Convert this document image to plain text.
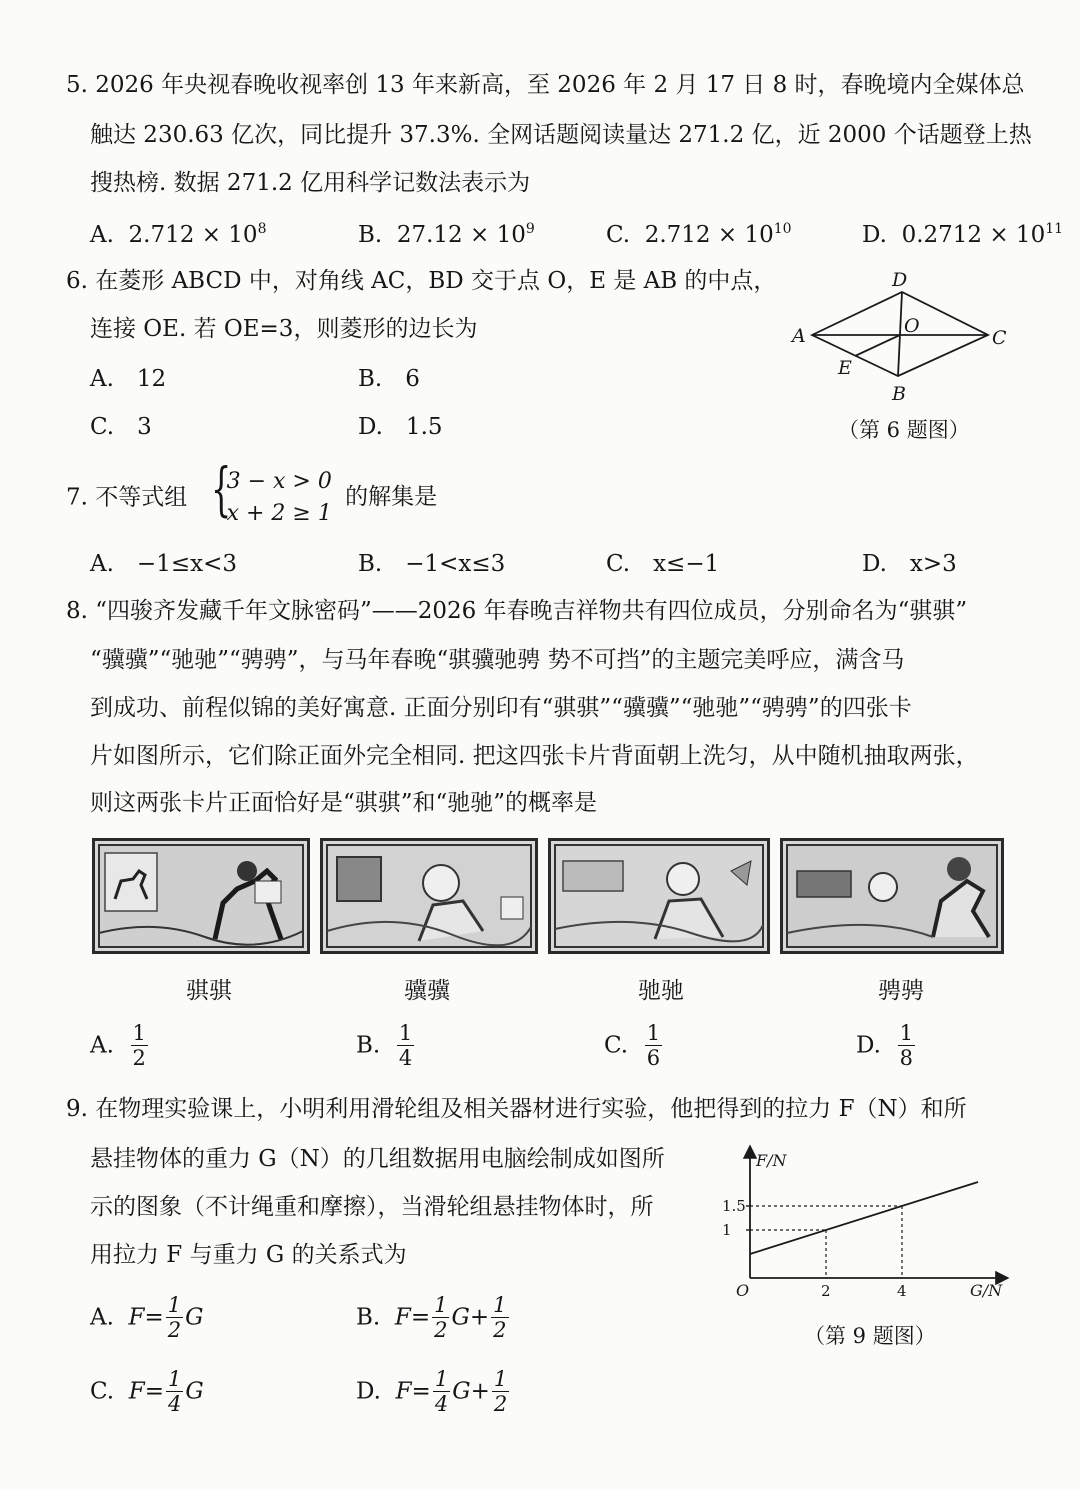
5. 2026 年央视春晚收视率创 13 年来新高，至 2026 年 2 月 17 日 8 时，春晚境内全媒体总
触达 230.63 亿次，同比提升 37.3%. 全网话题阅读量达 271.2 亿，近 2000 个话题登上热
搜热榜. 数据 271.2 亿用科学记数法表示为
A. $2.712 \times 10^8$	B. $27.12 \times 10^9$	C. $2.712 \times 10^{10}$	D. $0.2712 \times 10^{11}$
6. 在菱形 ABCD 中，对角线 AC，BD 交于点 O，E 是 AB 的中点，
连接 OE. 若 OE=3，则菱形的边长为
A.　12	B.　6
C.　3	D.　1.5
D
A	C
O
E
B
（第 6 题图）
7. 不等式组 {
3 − x > 0
x + 2 ≥ 1
的解集是
A.　−1≤x<3	B.　−1<x≤3	C.　x≤−1	D.　x>3
8. “四骏齐发藏千年文脉密码”——2026 年春晚吉祥物共有四位成员，分别命名为“骐骐”
“骥骥”“驰驰”“骋骋”，与马年春晚“骐骥驰骋 势不可挡”的主题完美呼应，满含马
到成功、前程似锦的美好寓意. 正面分别印有“骐骐”“骥骥”“驰驰”“骋骋”的四张卡
片如图所示，它们除正面外完全相同. 把这四张卡片背面朝上洗匀，从中随机抽取两张，
则这两张卡片正面恰好是“骐骐”和“驰驰”的概率是
骐骐	骥骥	驰驰	骋骋
A. $\frac{1}{2}$	B. $\frac{1}{4}$	C. $\frac{1}{6}$	D. $\frac{1}{8}$
9. 在物理实验课上，小明利用滑轮组及相关器材进行实验，他把得到的拉力 F（N）和所
悬挂物体的重力 G（N）的几组数据用电脑绘制成如图所
示的图象（不计绳重和摩擦），当滑轮组悬挂物体时，所
用拉力 F 与重力 G 的关系式为
A. $F= \frac{1}{2}$ G	B. $F= \frac{1}{2} G+ \frac{1}{2}$
C. $F= \frac{1}{4}$ G	D. $F= \frac{1}{4} G+ \frac{1}{2}$
2	4
1
1.5
F/N
G/N
O
（第 9 题图）
